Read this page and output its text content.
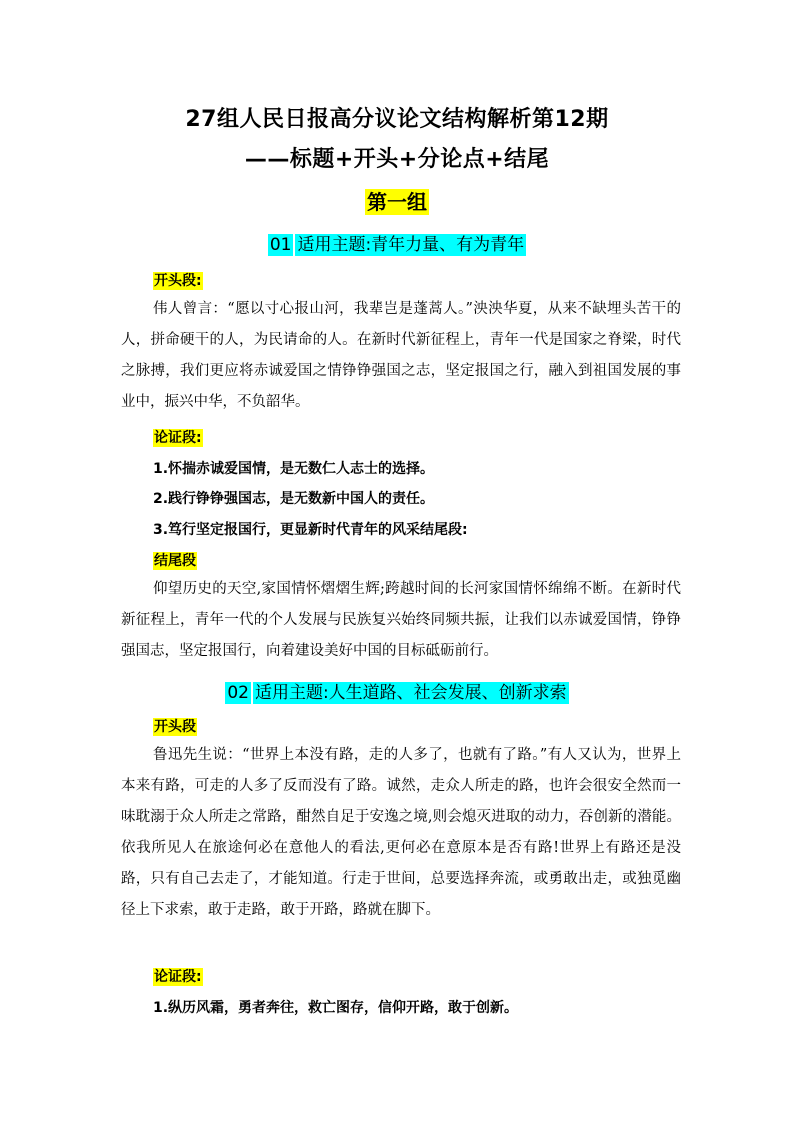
27组人民日报高分议论文结构解析第12期
——标题+开头+分论点+结尾
第一组
01 适用主题:青年力量、有为青年
开头段:

伟人曾言：“愿以寸心报山河，我辈岂是蓬蒿人。”泱泱华夏，从来不缺埋头苦干的人，拼命硬干的人，为民请命的人。在新时代新征程上，青年一代是国家之脊梁，时代之脉搏，我们更应将赤诚爱国之情铮铮强国之志，坚定报国之行，融入到祖国发展的事业中，振兴中华，不负韶华。

论证段:
1.怀揣赤诚爱国情，是无数仁人志士的选择。
2.践行铮铮强国志，是无数新中国人的责任。
3.笃行坚定报国行，更显新时代青年的风采结尾段:
结尾段

仰望历史的天空,家国情怀熠熠生辉;跨越时间的长河家国情怀绵绵不断。在新时代新征程上，青年一代的个人发展与民族复兴始终同频共振，让我们以赤诚爱国情，铮铮强国志，坚定报国行，向着建设美好中国的目标砥砺前行。

02 适用主题:人生道路、社会发展、创新求索
开头段

鲁迅先生说：“世界上本没有路，走的人多了，也就有了路。”有人又认为，世界上本来有路，可走的人多了反而没有了路。诚然，走众人所走的路，也许会很安全然而一味耽溺于众人所走之常路，酣然自足于安逸之境,则会熄灭进取的动力，吞创新的潜能。依我所见人在旅途何必在意他人的看法,更何必在意原本是否有路!世界上有路还是没路，只有自己去走了，才能知道。行走于世间，总要选择奔流，或勇敢出走，或独觅幽径上下求索，敢于走路，敢于开路，路就在脚下。

论证段:
1.纵历风霜，勇者奔往，救亡图存，信仰开路，敢于创新。
